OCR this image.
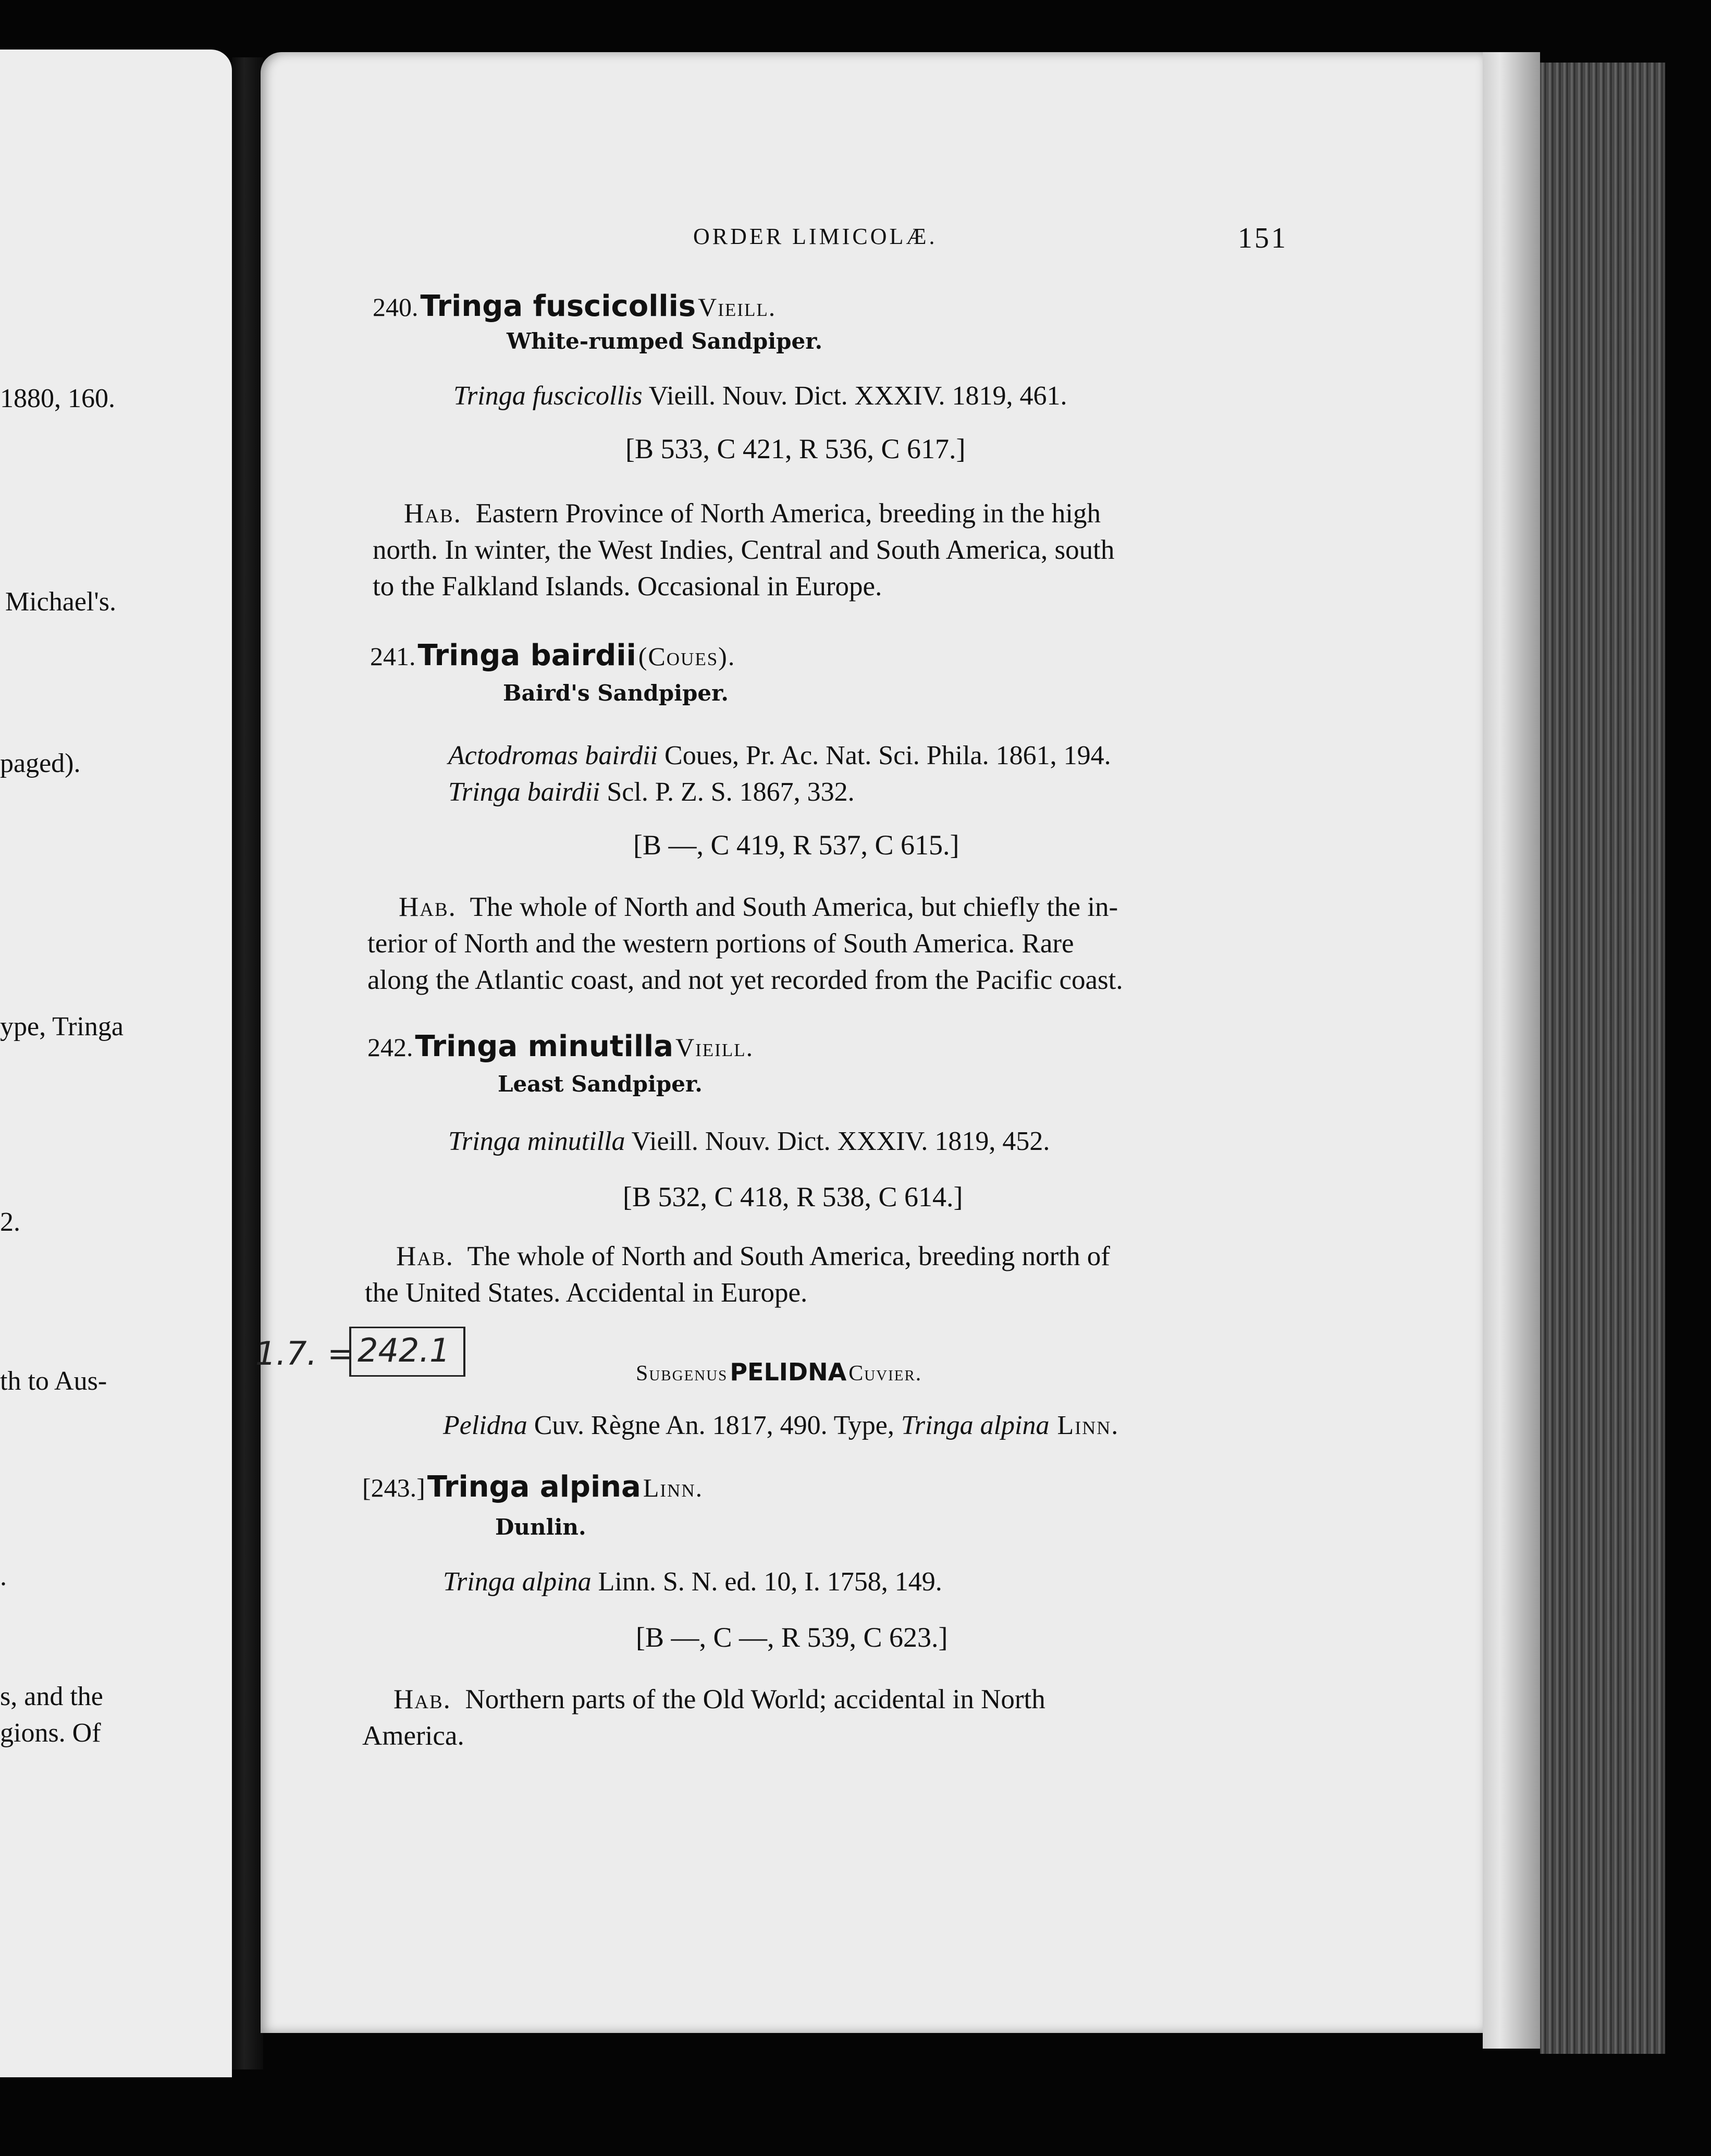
1880, 160.
Michael's.
paged).
ype, Tringa
2.
th to Aus-
.
s, and the
gions. Of
ORDER LIMICOLÆ.	151
240. Tringa fuscicollis Vieill.
White-rumped Sandpiper.
Tringa fuscicollis Vieill. Nouv. Dict. XXXIV. 1819, 461.
[B 533, C 421, R 536, C 617.]
Hab. Eastern Province of North America, breeding in the high
north. In winter, the West Indies, Central and South America, south
to the Falkland Islands. Occasional in Europe.
241. Tringa bairdii (Coues).
Baird's Sandpiper.
Actodromas bairdii Coues, Pr. Ac. Nat. Sci. Phila. 1861, 194.
Tringa bairdii Scl. P. Z. S. 1867, 332.
[B —, C 419, R 537, C 615.]
Hab. The whole of North and South America, but chiefly the in-
terior of North and the western portions of South America. Rare
along the Atlantic coast, and not yet recorded from the Pacific coast.
242. Tringa minutilla Vieill.
Least Sandpiper.
Tringa minutilla Vieill. Nouv. Dict. XXXIV. 1819, 452.
[B 532, C 418, R 538, C 614.]
Hab. The whole of North and South America, breeding north of
the United States. Accidental in Europe.
1.7. = 242.1
Subgenus PELIDNA Cuvier.
Pelidna Cuv. Règne An. 1817, 490. Type, Tringa alpina Linn.
[243.] Tringa alpina Linn.
Dunlin.
Tringa alpina Linn. S. N. ed. 10, I. 1758, 149.
[B —, C —, R 539, C 623.]
Hab. Northern parts of the Old World; accidental in North
America.
